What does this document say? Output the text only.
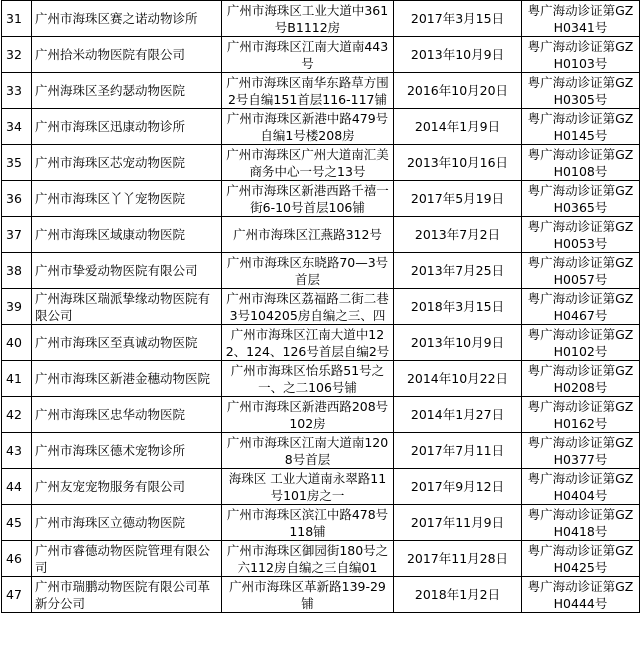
31	广州市海珠区赛之诺动物诊所	广州市海珠区工业大道中361号B1112房	2017年3月15日	粤广海动诊证第GZH0341号
32	广州拾米动物医院有限公司	广州市海珠区江南大道南443号	2013年10月9日	粤广海动诊证第GZH0103号
33	广州海珠区圣约瑟动物医院	广州市海珠区南华东路草方围2号自编151首层116-117铺	2016年10月20日	粤广海动诊证第GZH0305号
34	广州市海珠区迅康动物诊所	广州市海珠区新港中路479号自编1号楼208房	2014年1月9日	粤广海动诊证第GZH0145号
35	广州市海珠区芯宠动物医院	广州市海珠区广州大道南汇美商务中心一号之13号	2013年10月16日	粤广海动诊证第GZH0108号
36	广州市海珠区丫丫宠物医院	广州市海珠区新港西路千禧一街6-10号首层106铺	2017年5月19日	粤广海动诊证第GZH0365号
37	广州市海珠区域康动物医院	广州市海珠区江燕路312号	2013年7月2日	粤广海动诊证第GZH0053号
38	广州市挚爱动物医院有限公司	广州市海珠区东晓路70—3号首层	2013年7月25日	粤广海动诊证第GZH0057号
39	广州海珠区瑞派挚缘动物医院有限公司	广州市海珠区荔福路二街二巷3号104205房自编之三、四	2018年3月15日	粤广海动诊证第GZH0467号
40	广州市海珠区至真诚动物医院	广州市海珠区江南大道中122、124、126号首层自编2号	2013年10月9日	粤广海动诊证第GZH0102号
41	广州市海珠区新港金穗动物医院	广州市海珠区怡乐路51号之一、之二106号铺	2014年10月22日	粤广海动诊证第GZH0208号
42	广州市海珠区忠华动物医院	广州市海珠区新港西路208号102房	2014年1月27日	粤广海动诊证第GZH0162号
43	广州市海珠区德术宠物诊所	广州市海珠区江南大道南1208号首层	2017年7月11日	粤广海动诊证第GZH0377号
44	广州友宠宠物服务有限公司	海珠区 工业大道南永翠路11号101房之一	2017年9月12日	粤广海动诊证第GZH0404号
45	广州市海珠区立德动物医院	广州市海珠区滨江中路478号118铺	2017年11月9日	粤广海动诊证第GZH0418号
46	广州市睿德动物医院管理有限公司	广州市海珠区御园街180号之六112房自编之三自编01	2017年11月28日	粤广海动诊证第GZH0425号
47	广州市瑞鹏动物医院有限公司革新分公司	广州市海珠区革新路139-29铺	2018年1月2日	粤广海动诊证第GZH0444号
